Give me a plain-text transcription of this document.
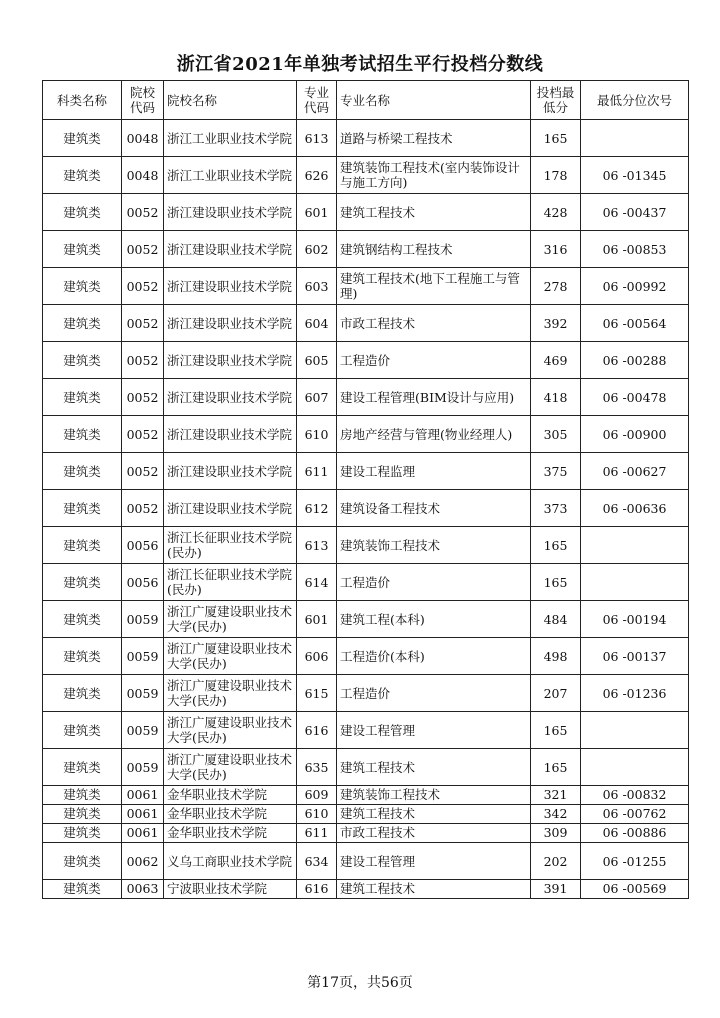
浙江省2021年单独考试招生平行投档分数线
科类名称	院校代码	院校名称	专业代码	专业名称	投档最低分	最低分位次号
建筑类	0048	浙江工业职业技术学院	613	道路与桥梁工程技术	165	
建筑类	0048	浙江工业职业技术学院	626	建筑装饰工程技术(室内装饰设计与施工方向)	178	06 -01345
建筑类	0052	浙江建设职业技术学院	601	建筑工程技术	428	06 -00437
建筑类	0052	浙江建设职业技术学院	602	建筑钢结构工程技术	316	06 -00853
建筑类	0052	浙江建设职业技术学院	603	建筑工程技术(地下工程施工与管理)	278	06 -00992
建筑类	0052	浙江建设职业技术学院	604	市政工程技术	392	06 -00564
建筑类	0052	浙江建设职业技术学院	605	工程造价	469	06 -00288
建筑类	0052	浙江建设职业技术学院	607	建设工程管理(BIM设计与应用)	418	06 -00478
建筑类	0052	浙江建设职业技术学院	610	房地产经营与管理(物业经理人)	305	06 -00900
建筑类	0052	浙江建设职业技术学院	611	建设工程监理	375	06 -00627
建筑类	0052	浙江建设职业技术学院	612	建筑设备工程技术	373	06 -00636
建筑类	0056	浙江长征职业技术学院(民办)	613	建筑装饰工程技术	165	
建筑类	0056	浙江长征职业技术学院(民办)	614	工程造价	165	
建筑类	0059	浙江广厦建设职业技术大学(民办)	601	建筑工程(本科)	484	06 -00194
建筑类	0059	浙江广厦建设职业技术大学(民办)	606	工程造价(本科)	498	06 -00137
建筑类	0059	浙江广厦建设职业技术大学(民办)	615	工程造价	207	06 -01236
建筑类	0059	浙江广厦建设职业技术大学(民办)	616	建设工程管理	165	
建筑类	0059	浙江广厦建设职业技术大学(民办)	635	建筑工程技术	165	
建筑类	0061	金华职业技术学院	609	建筑装饰工程技术	321	06 -00832
建筑类	0061	金华职业技术学院	610	建筑工程技术	342	06 -00762
建筑类	0061	金华职业技术学院	611	市政工程技术	309	06 -00886
建筑类	0062	义乌工商职业技术学院	634	建设工程管理	202	06 -01255
建筑类	0063	宁波职业技术学院	616	建筑工程技术	391	06 -00569
第17页，共56页
